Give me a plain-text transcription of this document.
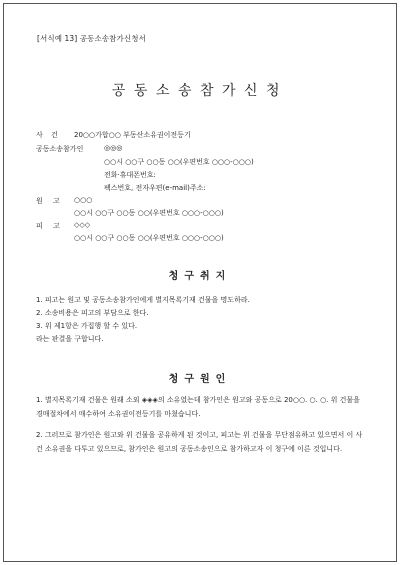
[서식예 13] 공동소송참가신청서
공동소송참가신청
사 건 20○○가합○○ 부동산소유권이전등기
공동소송참가인	◎◎◎
○○시 ○○구 ○○동 ○○(우편번호 ○○○-○○○)
전화·휴대폰번호:
팩스번호, 전자우편(e-mail)주소:
원 고 ○○○
○○시 ○○구 ○○동 ○○(우편번호 ○○○-○○○)
피 고 ◇◇◇
○○시 ○○구 ○○동 ○○(우편번호 ○○○-○○○)
청구취지
1. 피고는 원고 및 공동소송참가인에게 별지목록기재 건물을 명도하라.
2. 소송비용은 피고의 부담으로 한다.
3. 위 제1항은 가집행 할 수 있다.
라는 판결을 구합니다.
청구원인
1. 별지목록기재 건물은 원래 소외 ◈◈◈의 소유였는데 참가인은 원고와 공동으로 20○○. ○. ○. 위 건물을 경매절차에서 매수하여 소유권이전등기를 마쳤습니다.
2. 그러므로 참가인은 원고와 위 건물을 공유하게 된 것이고, 피고는 위 건물을 무단점유하고 있으면서 이 사건 소유권을 다투고 있으므로, 참가인은 원고의 공동소송인으로 참가하고자 이 청구에 이른 것입니다.
